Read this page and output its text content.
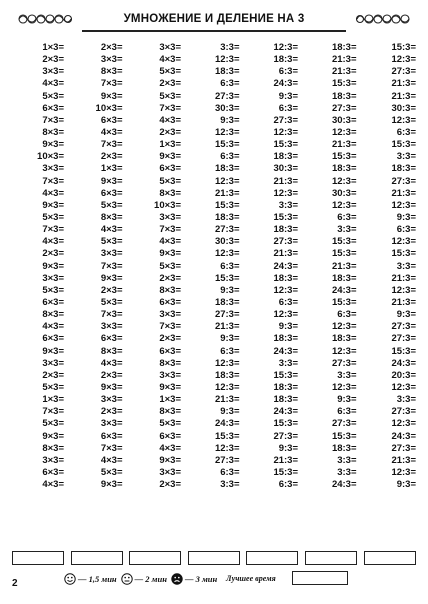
УМНОЖЕНИЕ И ДЕЛЕНИЕ НА 3
1×3=
2×3=
3×3=
4×3=
5×3=
6×3=
7×3=
8×3=
9×3=
10×3=
3×3=
7×3=
4×3=
9×3=
5×3=
7×3=
4×3=
2×3=
9×3=
3×3=
5×3=
6×3=
8×3=
4×3=
6×3=
9×3=
3×3=
2×3=
5×3=
1×3=
7×3=
5×3=
9×3=
8×3=
3×3=
6×3=
4×3=
2×3=
3×3=
8×3=
7×3=
9×3=
10×3=
6×3=
4×3=
7×3=
2×3=
1×3=
9×3=
6×3=
5×3=
8×3=
4×3=
5×3=
3×3=
7×3=
9×3=
2×3=
5×3=
7×3=
3×3=
6×3=
8×3=
4×3=
2×3=
9×3=
3×3=
2×3=
3×3=
6×3=
7×3=
4×3=
5×3=
9×3=
3×3=
4×3=
5×3=
2×3=
5×3=
7×3=
4×3=
2×3=
1×3=
9×3=
6×3=
5×3=
8×3=
10×3=
3×3=
7×3=
4×3=
9×3=
5×3=
2×3=
8×3=
6×3=
3×3=
7×3=
2×3=
6×3=
8×3=
3×3=
9×3=
1×3=
8×3=
5×3=
6×3=
4×3=
9×3=
3×3=
2×3=
3:3=
12:3=
18:3=
6:3=
27:3=
30:3=
9:3=
12:3=
15:3=
6:3=
18:3=
12:3=
21:3=
15:3=
18:3=
27:3=
30:3=
12:3=
6:3=
15:3=
9:3=
18:3=
27:3=
21:3=
9:3=
6:3=
12:3=
18:3=
12:3=
21:3=
9:3=
24:3=
15:3=
12:3=
27:3=
6:3=
3:3=
12:3=
18:3=
6:3=
24:3=
9:3=
6:3=
27:3=
12:3=
15:3=
18:3=
30:3=
21:3=
12:3=
3:3=
15:3=
18:3=
27:3=
21:3=
24:3=
18:3=
12:3=
6:3=
12:3=
9:3=
18:3=
24:3=
3:3=
15:3=
18:3=
18:3=
24:3=
15:3=
27:3=
9:3=
21:3=
15:3=
6:3=
18:3=
21:3=
21:3=
15:3=
18:3=
27:3=
30:3=
12:3=
21:3=
15:3=
18:3=
12:3=
30:3=
12:3=
6:3=
3:3=
15:3=
15:3=
21:3=
18:3=
24:3=
15:3=
6:3=
12:3=
18:3=
12:3=
27:3=
3:3=
12:3=
9:3=
6:3=
27:3=
15:3=
18:3=
3:3=
3:3=
24:3=
15:3=
12:3=
27:3=
21:3=
21:3=
30:3=
12:3=
6:3=
15:3=
3:3=
18:3=
27:3=
21:3=
12:3=
9:3=
6:3=
12:3=
15:3=
3:3=
21:3=
12:3=
21:3=
9:3=
27:3=
27:3=
15:3=
24:3=
20:3=
12:3=
3:3=
27:3=
12:3=
24:3=
27:3=
21:3=
12:3=
9:3=
2	— 1,5 мин — 2 мин — 3 мин Лучшее время
